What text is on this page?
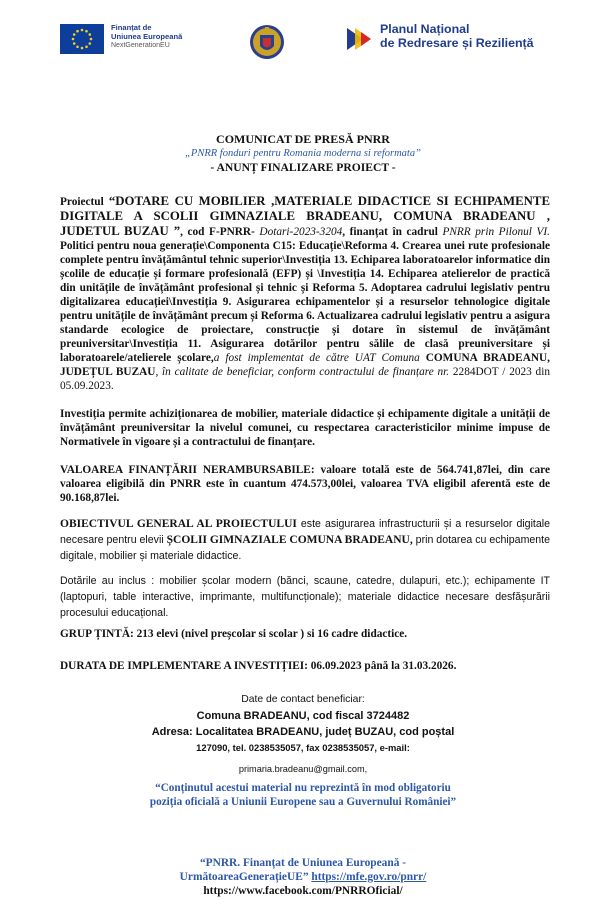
Finanțat de
Uniunea Europeană
NextGenerationEU
Planul Național
de Redresare și Reziliență
COMUNICAT DE PRESĂ PNRR
„PNRR fonduri pentru Romania moderna si reformata”
- ANUNȚ FINALIZARE PROIECT -
Proiectul “DOTARE CU MOBILIER ,MATERIALE DIDACTICE SI ECHIPAMENTE DIGITALE A SCOLII GIMNAZIALE BRADEANU, COMUNA BRADEANU , JUDETUL BUZAU ”, cod F-PNRR- Dotari-2023-3204, finanțat în cadrul PNRR prin Pilonul VI. Politici pentru noua generație\Componenta C15: Educație\Reforma 4. Crearea unei rute profesionale complete pentru învățământul tehnic superior\Investiția 13. Echiparea laboratoarelor informatice din școlile de educație și formare profesională (EFP) și \Investiția 14. Echiparea atelierelor de practică din unitățile de învățământ profesional și tehnic și Reforma 5. Adoptarea cadrului legislativ pentru digitalizarea educației\Investiția 9. Asigurarea echipamentelor și a resurselor tehnologice digitale pentru unitățile de învățământ precum și Reforma 6. Actualizarea cadrului legislativ pentru a asigura standarde ecologice de proiectare, construcție și dotare în sistemul de învățământ preuniversitar\Investiția 11. Asigurarea dotărilor pentru sălile de clasă preuniversitare și laboratoarele/atelierele școlare,a fost implementat de către UAT Comuna COMUNA BRADEANU, JUDEȚUL BUZAU, în calitate de beneficiar, conform contractului de finanțare nr. 2284DOT / 2023 din 05.09.2023.
Investiția permite achiziționarea de mobilier, materiale didactice și echipamente digitale a unității de învățământ preuniversitar la nivelul comunei, cu respectarea caracteristicilor minime impuse de Normativele în vigoare și a contractului de finanțare.
VALOAREA FINANȚĂRII NERAMBURSABILE: valoare totală este de 564.741,87lei, din care valoarea eligibilă din PNRR este în cuantum 474.573,00lei, valoarea TVA eligibil aferentă este de 90.168,87lei.
OBIECTIVUL GENERAL AL PROIECTULUI este asigurarea infrastructurii și a resurselor digitale necesare pentru elevii ȘCOLII GIMNAZIALE COMUNA BRADEANU, prin dotarea cu echipamente digitale, mobilier și materiale didactice.
Dotările au inclus : mobilier școlar modern (bănci, scaune, catedre, dulapuri, etc.); echipamente IT (laptopuri, table interactive, imprimante, multifuncționale); materiale didactice necesare desfășurării procesului educațional.
GRUP ȚINTĂ: 213 elevi (nivel preșcolar si scolar ) si 16 cadre didactice.
DURATA DE IMPLEMENTARE A INVESTIȚIEI: 06.09.2023 până la 31.03.2026.
Date de contact beneficiar:
Comuna BRADEANU, cod fiscal 3724482
Adresa: Localitatea BRADEANU, județ BUZAU, cod poștal
127090, tel. 0238535057, fax 0238535057, e-mail:
primaria.bradeanu@gmail.com,
“Conținutul acestui material nu reprezintă în mod obligatoriu
poziția oficială a Uniunii Europene sau a Guvernului României”
“PNRR. Finanțat de Uniunea Europeană -
UrmătoareaGenerațieUE” https://mfe.gov.ro/pnrr/
https://www.facebook.com/PNRROficial/
